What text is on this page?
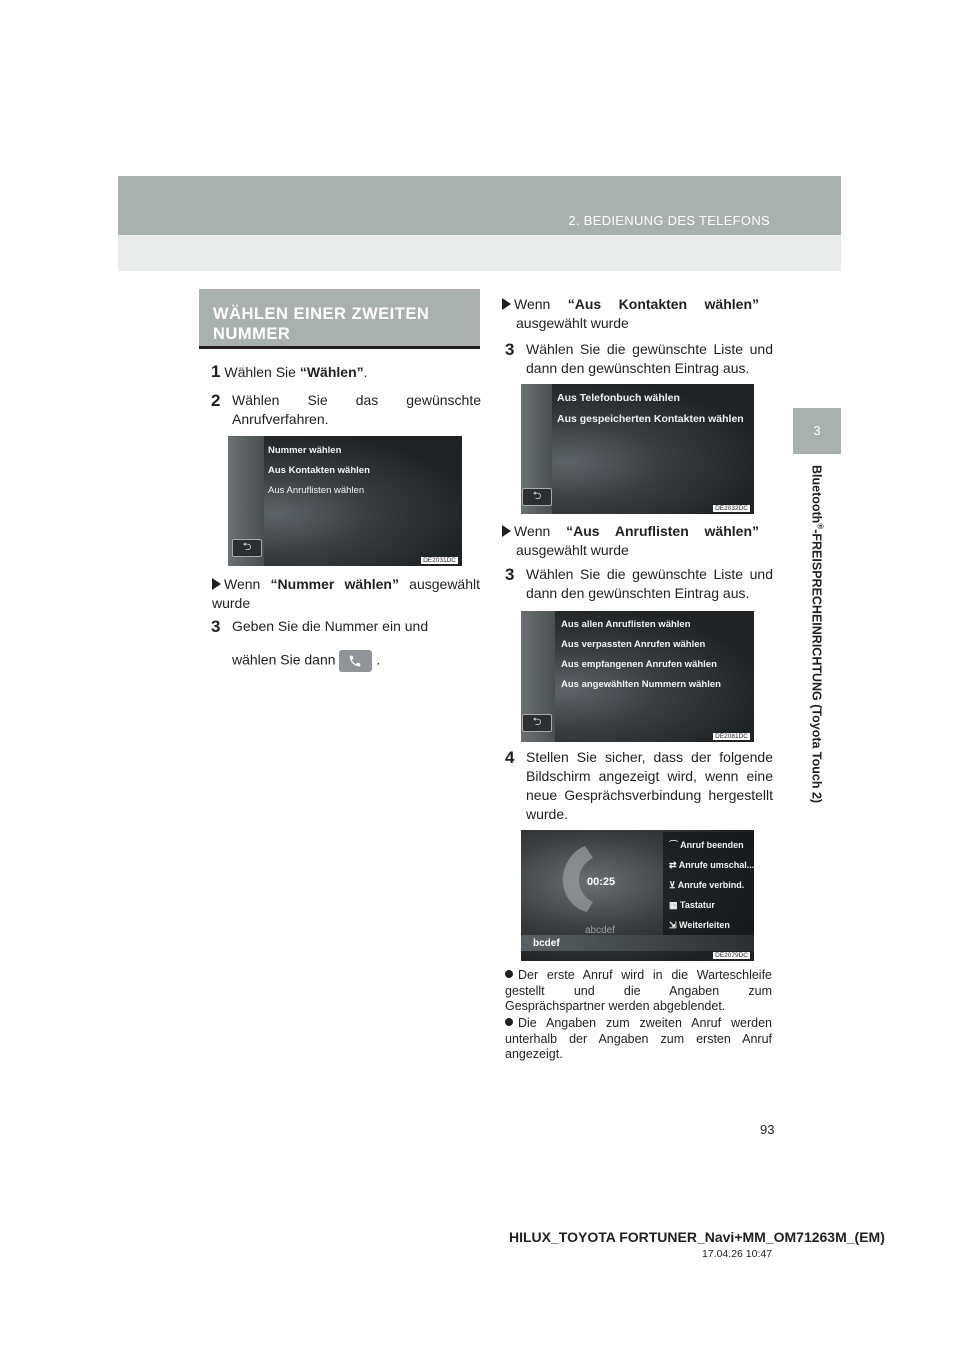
2. BEDIENUNG DES TELEFONS
3
Bluetooth®-FREISPRECHEINRICHTUNG (Toyota Touch 2)
WÄHLEN EINER ZWEITEN NUMMER
1 Wählen Sie “Wählen”.
2 Wählen Sie das gewünschte Anrufverfahren.
Nummer wählen
Aus Kontakten wählen
Aus Anruflisten wählen
⮌
DE2031DC
Wenn “Nummer wählen” ausgewählt wurde
3 Geben Sie die Nummer ein und
wählen Sie dann	.
Wenn “Aus Kontakten wählen”
ausgewählt wurde
3 Wählen Sie die gewünschte Liste und dann den gewünschten Eintrag aus.
Aus Telefonbuch wählen
Aus gespeicherten Kontakten wählen
⮌
DE2032DC
Wenn “Aus Anruflisten wählen”
ausgewählt wurde
3 Wählen Sie die gewünschte Liste und dann den gewünschten Eintrag aus.
Aus allen Anruflisten wählen
Aus verpassten Anrufen wählen
Aus empfangenen Anrufen wählen
Aus angewählten Nummern wählen
⮌
DE2081DC
4 Stellen Sie sicher, dass der folgende Bildschirm angezeigt wird, wenn eine neue Gesprächsverbindung hergestellt wurde.
00:25
⌒ Anruf beenden
⇄ Anrufe umschal...
⊻ Anrufe verbind.
▦ Tastatur
⇲ Weiterleiten
bcdef
abcdef
DE2079DC
Der erste Anruf wird in die Warteschleife gestellt und die Angaben zum Gesprächspartner werden abgeblendet.
Die Angaben zum zweiten Anruf werden unterhalb der Angaben zum ersten Anruf angezeigt.
93
HILUX_TOYOTA FORTUNER_Navi+MM_OM71263M_(EM)
17.04.26 10:47
